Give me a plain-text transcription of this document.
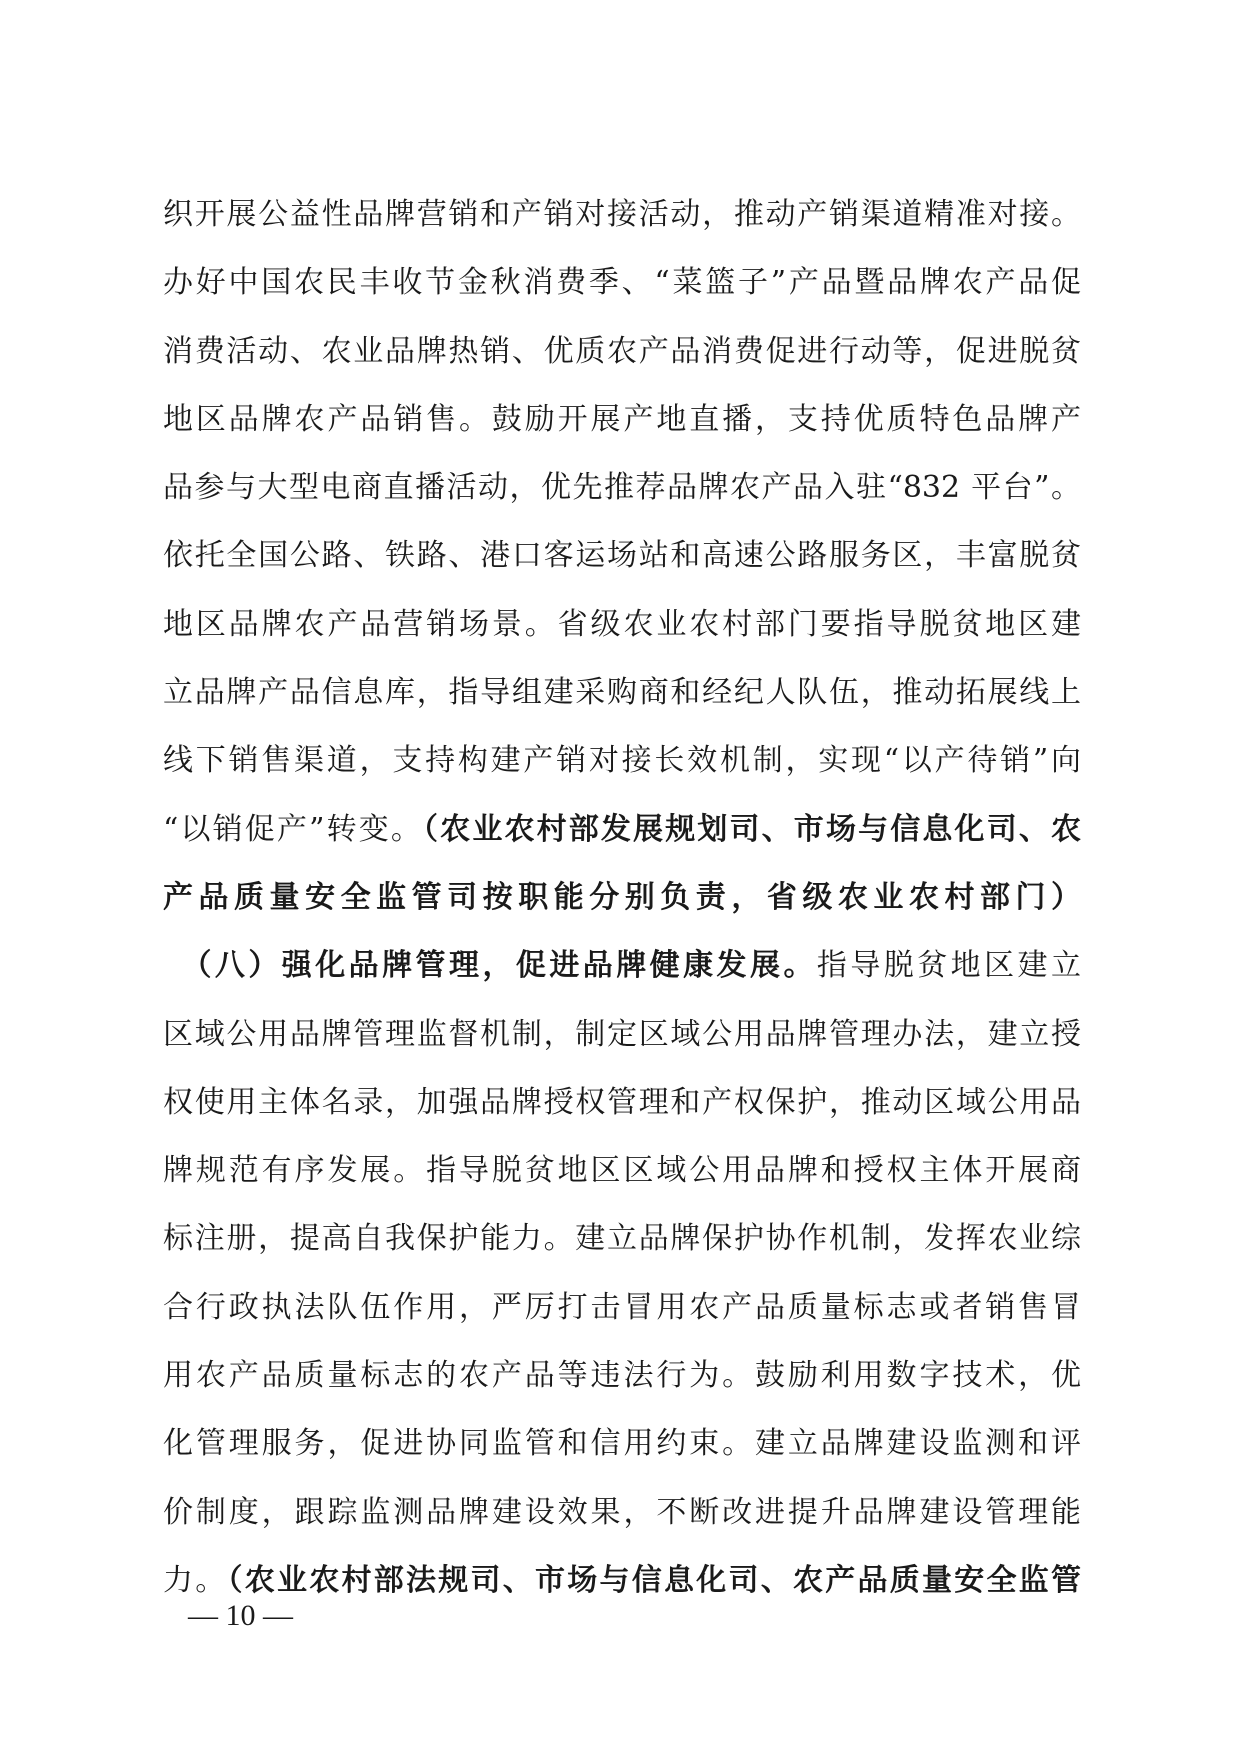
织开展公益性品牌营销和产销对接活动，推动产销渠道精准对接。
办好中国农民丰收节金秋消费季、“菜篮子”产品暨品牌农产品促
消费活动、农业品牌热销、优质农产品消费促进行动等，促进脱贫
地区品牌农产品销售。鼓励开展产地直播，支持优质特色品牌产
品参与大型电商直播活动，优先推荐品牌农产品入驻“832 平台”。
依托全国公路、铁路、港口客运场站和高速公路服务区，丰富脱贫
地区品牌农产品营销场景。省级农业农村部门要指导脱贫地区建
立品牌产品信息库，指导组建采购商和经纪人队伍，推动拓展线上
线下销售渠道，支持构建产销对接长效机制，实现“以产待销”向
“以销促产”转变。（农业农村部发展规划司、市场与信息化司、农
产品质量安全监管司按职能分别负责，省级农业农村部门）
　（八）强化品牌管理，促进品牌健康发展。指导脱贫地区建立
区域公用品牌管理监督机制，制定区域公用品牌管理办法，建立授
权使用主体名录，加强品牌授权管理和产权保护，推动区域公用品
牌规范有序发展。指导脱贫地区区域公用品牌和授权主体开展商
标注册，提高自我保护能力。建立品牌保护协作机制，发挥农业综
合行政执法队伍作用，严厉打击冒用农产品质量标志或者销售冒
用农产品质量标志的农产品等违法行为。鼓励利用数字技术，优
化管理服务，促进协同监管和信用约束。建立品牌建设监测和评
价制度，跟踪监测品牌建设效果，不断改进提升品牌建设管理能
力。（农业农村部法规司、市场与信息化司、农产品质量安全监管
— 10 —
